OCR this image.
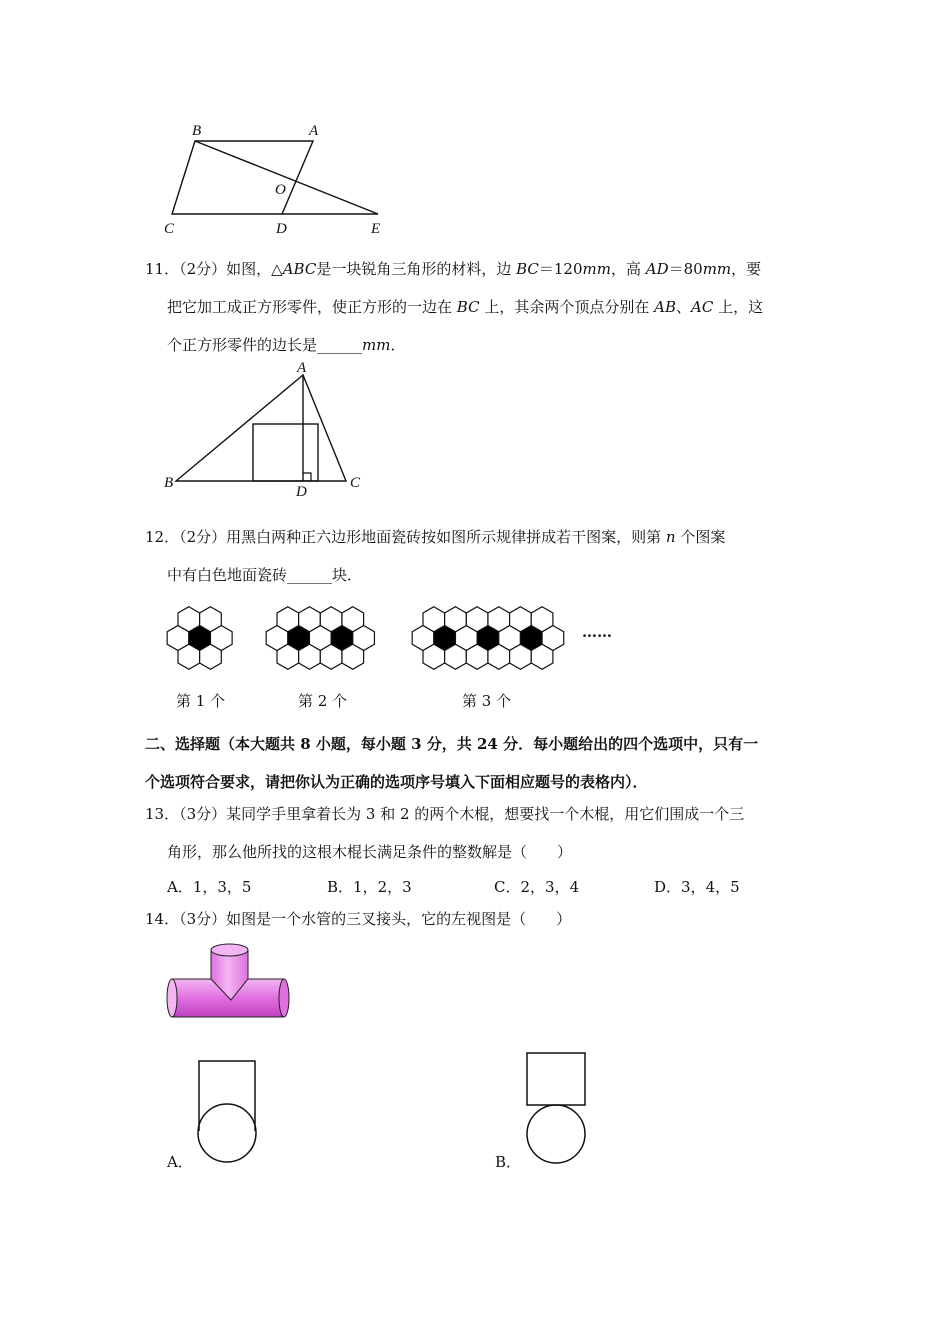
B	A
O
C	D	E
11．（2分）如图，△ABC是一块锐角三角形的材料，边 BC＝120mm，高 AD＝80mm，要
把它加工成正方形零件，使正方形的一边在 BC 上，其余两个顶点分别在 AB、AC 上，这
个正方形零件的边长是______mm．
A
B
D
C
12．（2分）用黑白两种正六边形地面瓷砖按如图所示规律拼成若干图案，则第 n 个图案
中有白色地面瓷砖______块．
……
第 1 个	第 2 个	第 3 个
二、选择题（本大题共 8 小题，每小题 3 分，共 24 分．每小题给出的四个选项中，只有一
个选项符合要求，请把你认为正确的选项序号填入下面相应题号的表格内）．
13．（3分）某同学手里拿着长为 3 和 2 的两个木棍，想要找一个木棍，用它们围成一个三
角形，那么他所找的这根木棍长满足条件的整数解是（　　）
A．1，3，5	B．1，2，3	C．2，3，4	D．3，4，5
14．（3分）如图是一个水管的三叉接头，它的左视图是（　　）
A．	B．
